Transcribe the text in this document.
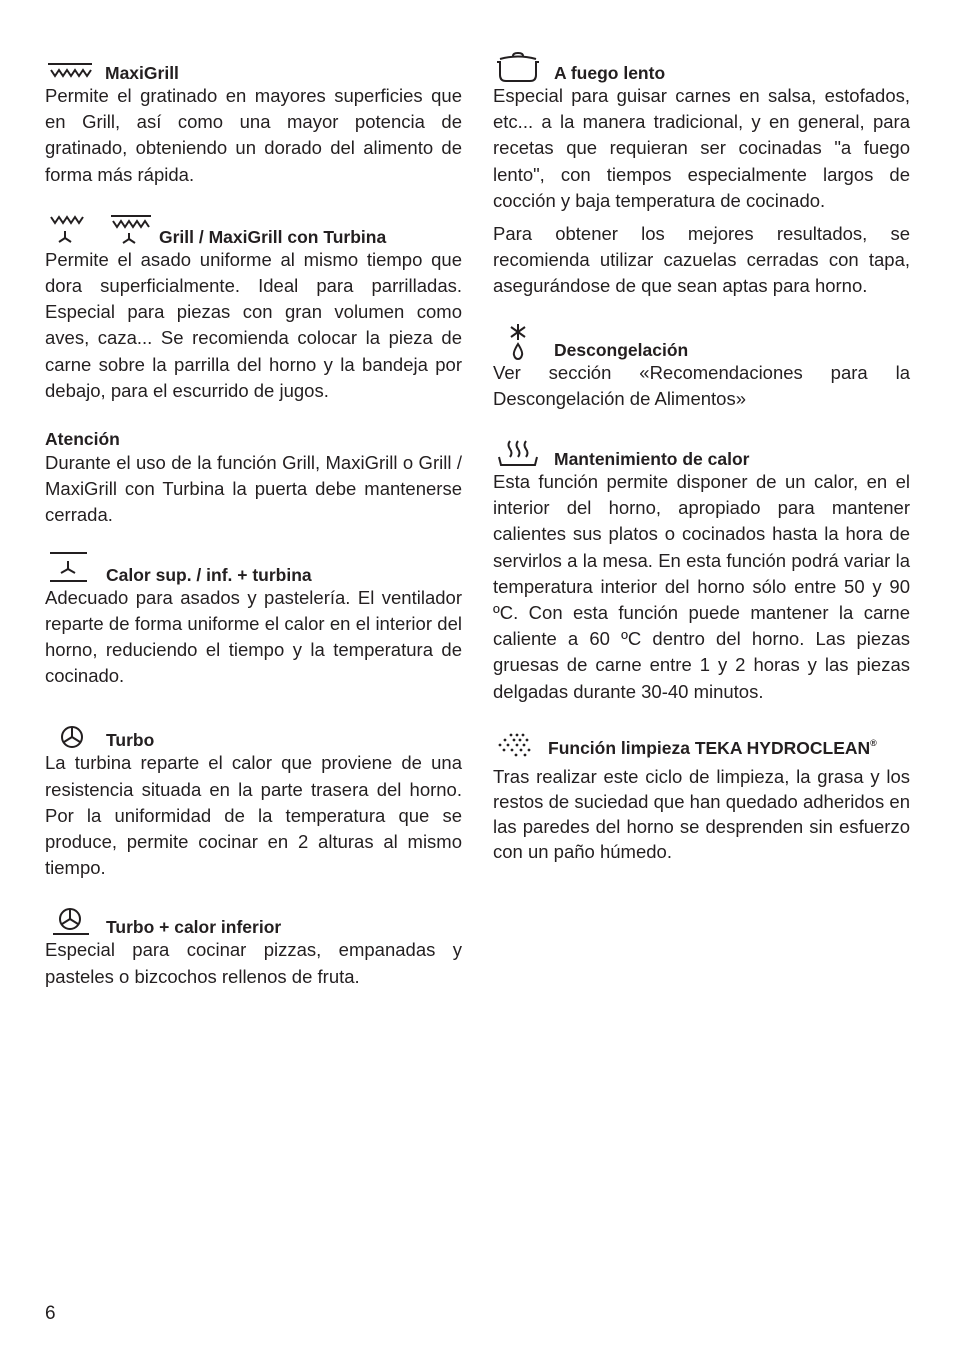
MaxiGrill

Permite el gratinado en mayores superficies que en Grill, así como una mayor potencia de gratinado, obteniendo un dorado del alimento de forma más rápida.

Grill / MaxiGrill con Turbina

Permite el asado uniforme al mismo tiempo que dora superficialmente. Ideal para parrilladas. Especial para piezas con gran volumen como aves, caza... Se recomienda colocar la pieza de carne sobre la parrilla del horno y la bandeja por debajo, para el escurrido de jugos.

Atención

Durante el uso de la función Grill, MaxiGrill o Grill / MaxiGrill con Turbina la puerta debe mantenerse cerrada.

Calor sup. / inf. + turbina

Adecuado para asados y pastelería. El ventilador reparte de forma uniforme el calor en el interior del horno, reduciendo el tiempo y la temperatura de cocinado.

Turbo

La turbina reparte el calor que proviene de una resistencia situada en la parte trasera del horno. Por la uniformidad de la temperatura que se produce, permite cocinar en 2 alturas al mismo tiempo.

Turbo + calor inferior

Especial para cocinar pizzas, empanadas y pasteles o bizcochos rellenos de fruta.

A fuego lento

Especial para guisar carnes en salsa, estofados, etc... a la manera tradicional, y en general, para recetas que requieran ser cocinadas "a fuego lento", con tiempos especialmente largos de cocción y baja temperatura de cocinado.

Para obtener los mejores resultados, se recomienda utilizar cazuelas cerradas con tapa, asegurándose de que sean aptas para horno.

Descongelación

Ver sección «Recomendaciones para la Descongelación de Alimentos»

Mantenimiento de calor

Esta función permite disponer de un calor, en el interior del horno, apropiado para mantener calientes sus platos o cocinados hasta la hora de servirlos a la mesa. En esta función podrá variar la temperatura interior del horno sólo entre 50 y 90 ºC. Con esta función puede mantener la carne caliente a 60 ºC dentro del horno. Las piezas gruesas de carne entre 1 y 2 horas y las piezas delgadas durante 30-40 minutos.

Función limpieza TEKA HYDROCLEAN®

Tras realizar este ciclo de limpieza, la grasa y los restos de suciedad que han quedado adheridos en las paredes del horno se desprenden sin esfuerzo con un paño húmedo.

6
